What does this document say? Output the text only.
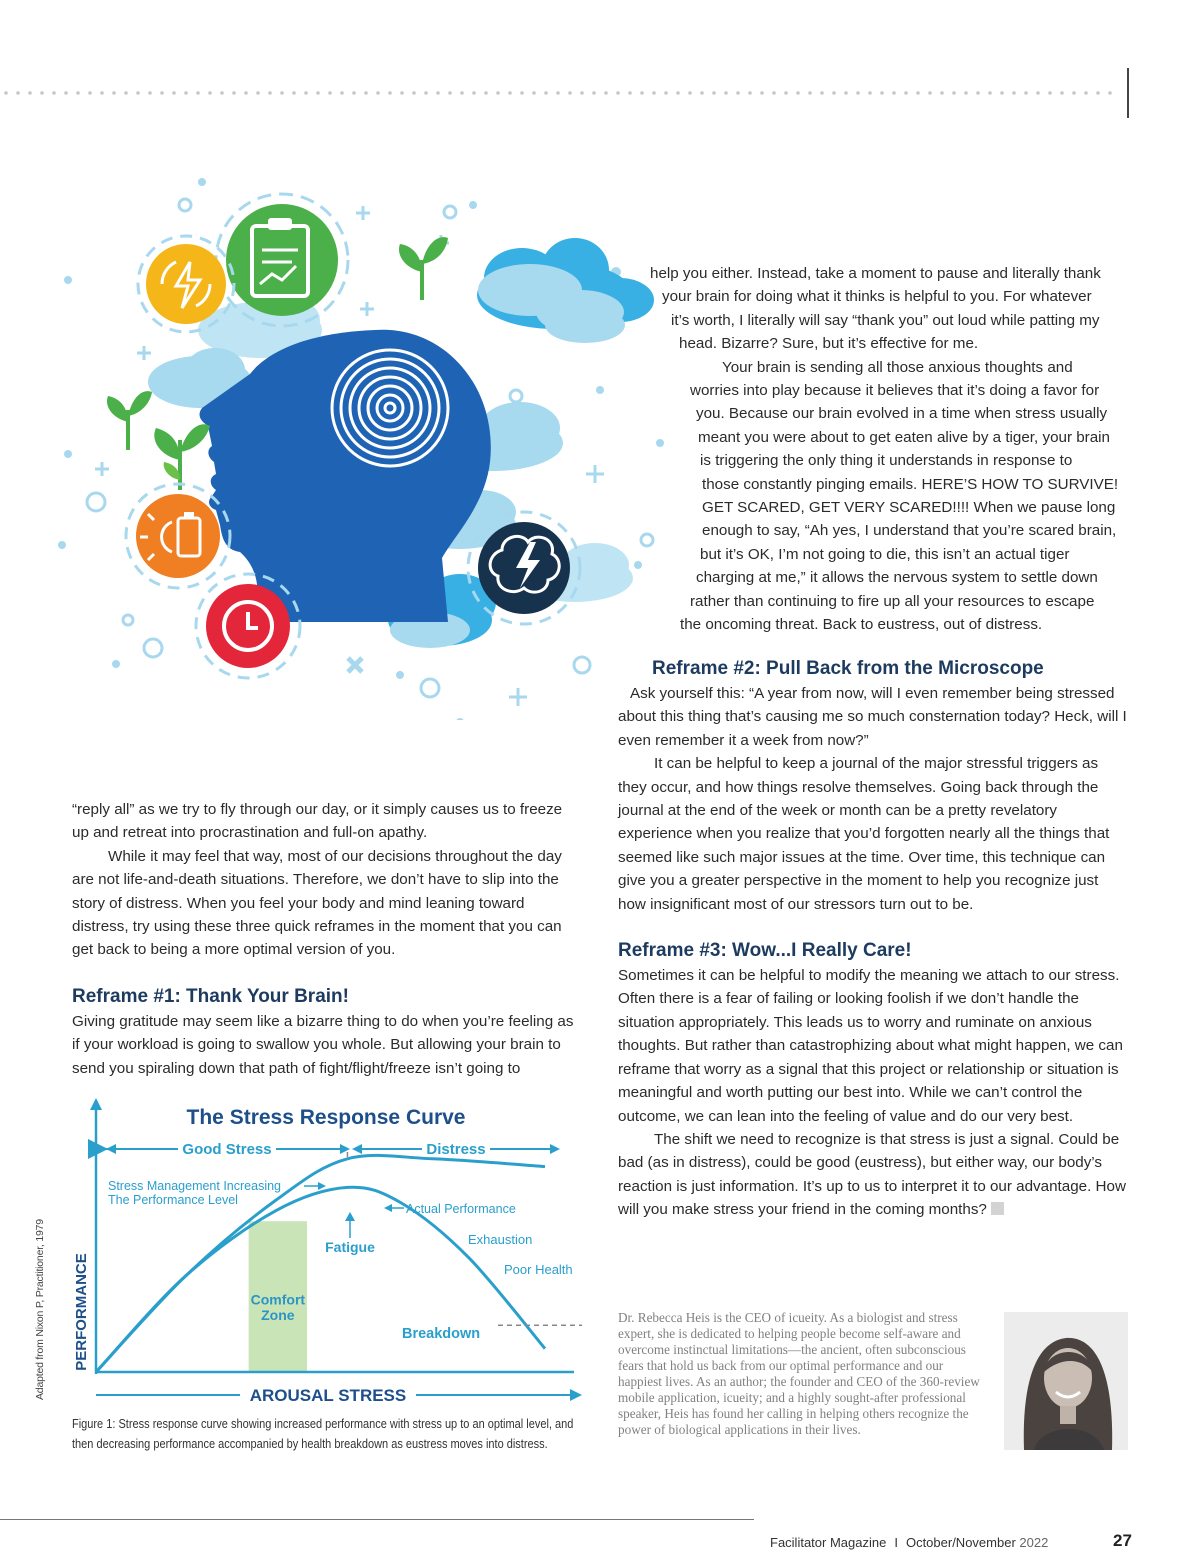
help you either. Instead, take a moment to pause and literally thank
your brain for doing what it thinks is helpful to you. For whatever
it’s worth, I literally will say “thank you” out loud while patting my
head. Bizarre? Sure, but it’s effective for me.
Your brain is sending all those anxious thoughts and
worries into play because it believes that it’s doing a favor for
you. Because our brain evolved in a time when stress usually
meant you were about to get eaten alive by a tiger, your brain
is triggering the only thing it understands in response to
those constantly pinging emails. HERE’S HOW TO SURVIVE!
GET SCARED, GET VERY SCARED!!!! When we pause long
enough to say, “Ah yes, I understand that you’re scared brain,
but it’s OK, I’m not going to die, this isn’t an actual tiger
charging at me,” it allows the nervous system to settle down
rather than continuing to fire up all your resources to escape
the oncoming threat. Back to eustress, out of distress.

“reply all” as we try to fly through our day, or it simply causes us to freeze up and retreat into procrastination and full-on apathy.

While it may feel that way, most of our decisions throughout the day are not life-and-death situations. Therefore, we don’t have to slip into the story of distress. When you feel your body and mind leaning toward distress, try using these three quick reframes in the moment that you can get back to being a more optimal version of you.

Reframe #1: Thank Your Brain!

Giving gratitude may seem like a bizarre thing to do when you’re feeling as if your workload is going to swallow you whole. But allowing your brain to send you spiraling down that path of fight/flight/freeze isn’t going to

Reframe #2: Pull Back from the Microscope

Ask yourself this: “A year from now, will I even remember being stressed about this thing that’s causing me so much consternation today? Heck, will I even remember it a week from now?”

It can be helpful to keep a journal of the major stressful triggers as they occur, and how things resolve themselves. Going back through the journal at the end of the week or month can be a pretty revelatory experience when you realize that you’d forgotten nearly all the things that seemed like such major issues at the time. Over time, this technique can give you a greater perspective in the moment to help you recognize just how insignificant most of our stressors turn out to be.

Reframe #3: Wow...I Really Care!

Sometimes it can be helpful to modify the meaning we attach to our stress. Often there is a fear of failing or looking foolish if we don’t handle the situation appropriately. This leads us to worry and ruminate on anxious thoughts. But rather than catastrophizing about what might happen, we can reframe that worry as a signal that this project or relationship or situation is meaningful and worth putting our best into. While we can’t control the outcome, we can lean into the feeling of value and do our very best.

The shift we need to recognize is that stress is just a signal. Could be bad (as in distress), could be good (eustress), but either way, our body’s reaction is just information. It’s up to us to interpret it to our advantage. How will you make stress your friend in the coming months?

The Stress Response Curve
Comfort
Zone
Good Stress	Distress
AROUSAL STRESS
PERFORMANCE
Stress Management Increasing
The Performance Level
Actual Performance
Fatigue	Exhaustion
Poor Health
Breakdown
Adapted from Nixon P, Practitioner, 1979
Figure 1: Stress response curve showing increased performance with stress up to an optimal level, and then decreasing performance accompanied by health breakdown as eustress moves into distress.
Dr. Rebecca Heis is the CEO of icueity. As a biologist and stress expert, she is dedicated to helping people become self-aware and overcome instinctual limitations—the ancient, often subconscious fears that hold us back from our optimal performance and our happiest lives. As an author; the founder and CEO of the 360-review mobile application, icueity; and a highly sought-after professional speaker, Heis has found her calling in helping others recognize the power of biological applications in their lives.
Facilitator Magazine I October/November 2022	27
